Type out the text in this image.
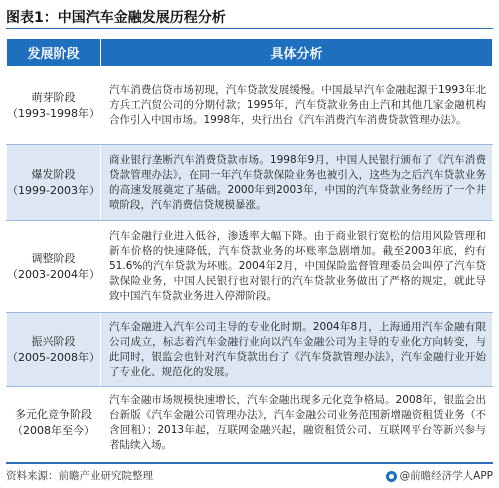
图表1：中国汽车金融发展历程分析
发展阶段	具体分析

萌芽阶段
（1993-1998年）	汽车消费信贷市场初现，汽车贷款发展缓慢。中国最早汽车金融起源于1993年北方兵工汽贸公司的分期付款；1995年，汽车贷款业务由上汽和其他几家金融机构合作引入中国市场。1998年，央行出台《汽车消费汽车消费贷款管理办法》。

爆发阶段
（1999-2003年）	商业银行垄断汽车消费贷款市场。1998年9月，中国人民银行颁布了《汽车消费贷款管理办法》，在同一年汽车贷款保险业务也被引入，这些为之后汽车贷款业务的高速发展奠定了基础。2000年到2003年，中国的汽车贷款业务经历了一个井喷阶段，汽车消费信贷规模暴涨。

调整阶段
（2003-2004年）	汽车金融行业进入低谷，渗透率大幅下降。由于商业银行宽松的信用风险管理和新车价格的快速降低，汽车贷款业务的坏账率急剧增加。截至2003年底，约有51.6%的汽车贷款为坏账。2004年2月，中国保险监督管理委员会叫停了汽车贷款保险业务，中国人民银行也对银行的汽车贷款业务做出了严格的规定，就此导致中国汽车贷款业务进入停滞阶段。

振兴阶段
（2005-2008年）	汽车金融进入汽车公司主导的专业化时期。2004年8月，上海通用汽车金融有限公司成立，标志着汽车金融行业向以汽车金融公司为主导的专业化方向转变，与此同时，银监会也针对汽车贷款出台了《汽车贷款管理办法》，汽车金融行业开始了专业化、规范化的发展。

多元化竞争阶段
（2008年至今）	汽车金融市场规模快速增长，汽车金融出现多元化竞争格局。2008年，银监会出台新版《汽车金融公司管理办法》，汽车金融公司业务范围新增融资租赁业务（不含回租）；2013年起，互联网金融兴起，融资租赁公司、互联网平台等新兴参与者陆续入场。
资料来源：前瞻产业研究院整理	@前瞻经济学人APP
